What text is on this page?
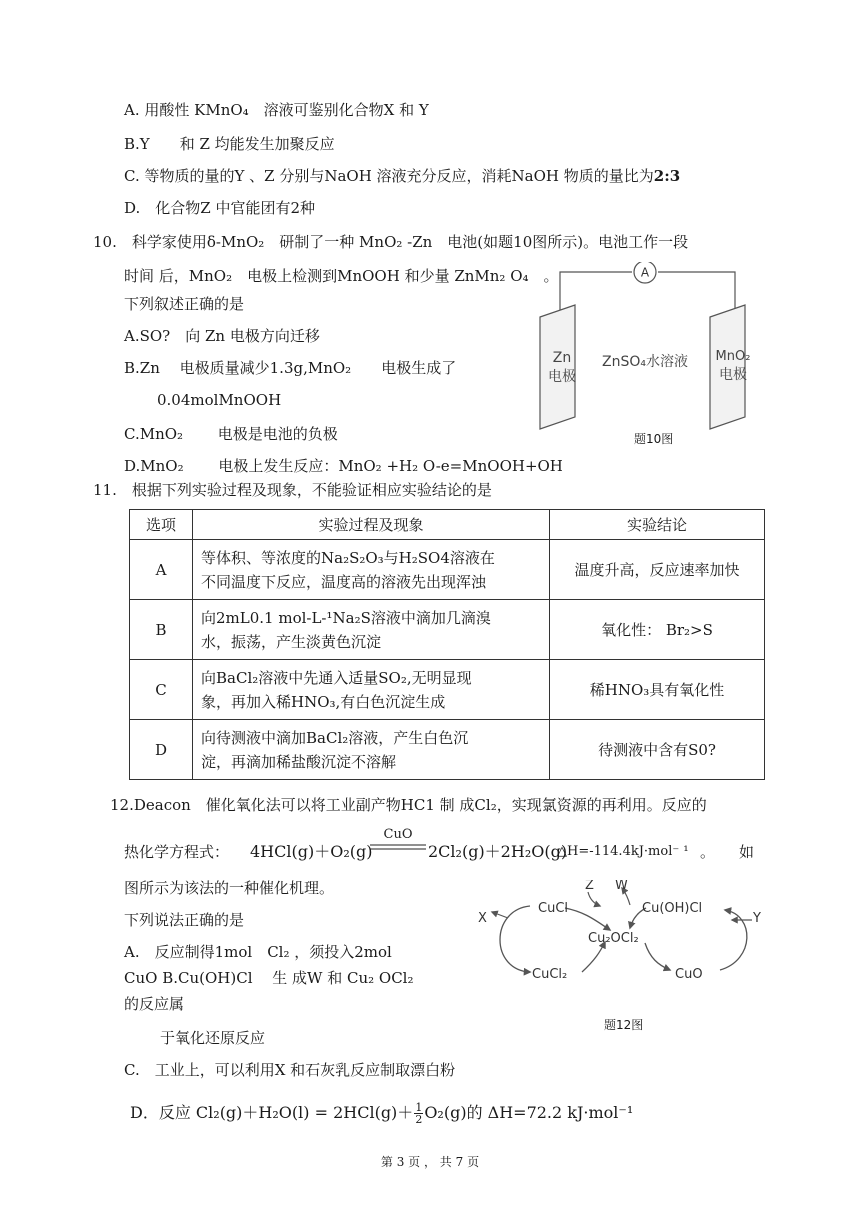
A. 用酸性 KMnO₄　溶液可鉴别化合物X 和 Y
B.Y　　和 Z 均能发生加聚反应
C. 等物质的量的Y 、Z 分别与NaOH 溶液充分反应，消耗NaOH 物质的量比为2:3
D.　化合物Z 中官能团有2种
10.　科学家使用δ-MnO₂　研制了一种 MnO₂ -Zn　电池(如题10图所示)。电池工作一段
时间 后，MnO₂　电极上检测到MnOOH 和少量 ZnMn₂ O₄　。
下列叙述正确的是
A.SO?　向 Zn 电极方向迁移
B.Zn　 电极质量减少1.3g,MnO₂　　电极生成了
0.04molMnOOH
C.MnO₂　　 电极是电池的负极
D.MnO₂　　 电极上发生反应：MnO₂ +H₂ O-e=MnOOH+OH
A
Zn
电极
MnO₂
电极
ZnSO₄水溶液
题10图
11.　根据下列实验过程及现象，不能验证相应实验结论的是
选项	实验过程及现象	实验结论
A	等体积、等浓度的Na₂S₂O₃与H₂SO4溶液在
不同温度下反应，温度高的溶液先出现浑浊	温度升高，反应速率加快
B	向2mL0.1 mol-L-¹Na₂S溶液中滴加几滴溴
水，振荡，产生淡黄色沉淀	氧化性： Br₂>S
C	向BaCl₂溶液中先通入适量SO₂,无明显现
象，再加入稀HNO₃,有白色沉淀生成	稀HNO₃具有氧化性
D	向待测液中滴加BaCl₂溶液，产生白色沉
淀，再滴加稀盐酸沉淀不溶解	待测液中含有S0?
12.Deacon　催化氧化法可以将工业副产物HC1 制 成Cl₂，实现氯资源的再利用。反应的
热化学方程式： 4HCl(g)＋O₂(g)
CuO
2Cl₂(g)＋2H₂O(g)
△H=-114.4kJ·mol⁻ ¹ 。 如
图所示为该法的一种催化机理。
下列说法正确的是
A.　反应制得1mol　Cl₂ ，须投入2mol
CuO B.Cu(OH)Cl　 生 成W 和 Cu₂ OCl₂
的反应属
于氧化还原反应
C.　工业上，可以利用X 和石灰乳反应制取漂白粉
D．反应 $Cl_2(g)+H_2O(l) = 2HCl(g)+ \frac{1}{2} O_2(g)$的 ΔH=72.2 kJ·mol⁻¹
Z W
X	Y
CuCl	Cu(OH)Cl
Cu₂OCl₂
CuCl₂	CuO
题12图
第 3 页 ， 共 7 页
